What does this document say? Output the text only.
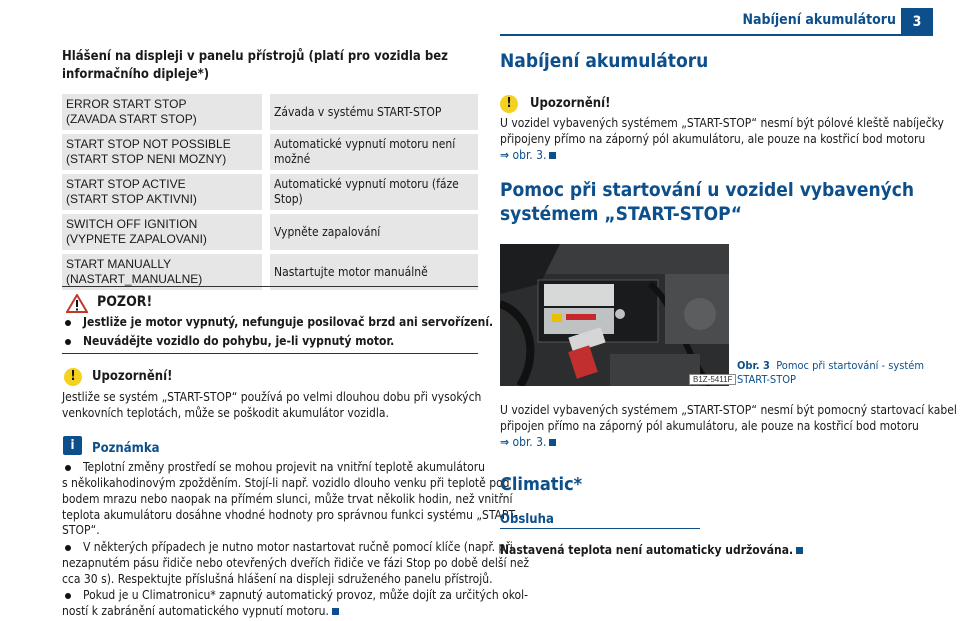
Nabíjení akumulátoru	3
Hlášení na displeji v panelu přístrojů (platí pro vozidla bez informačního dipleje*)
ERROR START STOP
(ZAVADA START STOP)		Závada v systému START-STOP
START STOP NOT POSSIBLE
(START STOP NENI MOZNY)		Automatické vypnutí motoru není možné
START STOP ACTIVE
(START STOP AKTIVNI)		Automatické vypnutí motoru (fáze Stop)
SWITCH OFF IGNITION
(VYPNETE ZAPALOVANI)		Vypněte zapalování
START MANUALLY
(NASTART_MANUALNE)		Nastartujte motor manuálně
POZOR!
Jestliže je motor vypnutý, nefunguje posilovač brzd ani servořízení.
Neuvádějte vozidlo do pohybu, je-li vypnutý motor.
!	Upozornění!
Jestliže se systém „START-STOP“ používá po velmi dlouhou dobu při vysokých
venkovních teplotách, může se poškodit akumulátor vozidla.
i	Poznámka
Teplotní změny prostředí se mohou projevit na vnitřní teplotě akumulátoru
s několikahodinovým zpožděním. Stojí-li např. vozidlo dlouho venku při teplotě pod
bodem mrazu nebo naopak na přímém slunci, může trvat několik hodin, než vnitřní
teplota akumulátoru dosáhne vhodné hodnoty pro správnou funkci systému „START-
STOP“.
V některých případech je nutno motor nastartovat ručně pomocí klíče (např. při
nezapnutém pásu řidiče nebo otevřených dveřích řidiče ve fázi Stop po době delší než
cca 30 s). Respektujte příslušná hlášení na displeji sdruženého panelu přístrojů.
Pokud je u Climatronicu* zapnutý automatický provoz, může dojít za určitých okol-
ností k zabránění automatického vypnutí motoru.
Nabíjení akumulátoru
!	Upozornění!
U vozidel vybavených systémem „START-STOP“ nesmí být pólové kleště nabíječky
připojeny přímo na záporný pól akumulátoru, ale pouze na kostřicí bod motoru
⇒ obr. 3.
Pomoc při startování u vozidel vybavených
systémem „START-STOP“
B1Z-5411F
Obr. 3 Pomoc při startování - systém
START-STOP
U vozidel vybavených systémem „START-STOP“ nesmí být pomocný startovací kabel
připojen přímo na záporný pól akumulátoru, ale pouze na kostřicí bod motoru
⇒ obr. 3.
Climatic*
Obsluha
Nastavená teplota není automaticky udržována.
